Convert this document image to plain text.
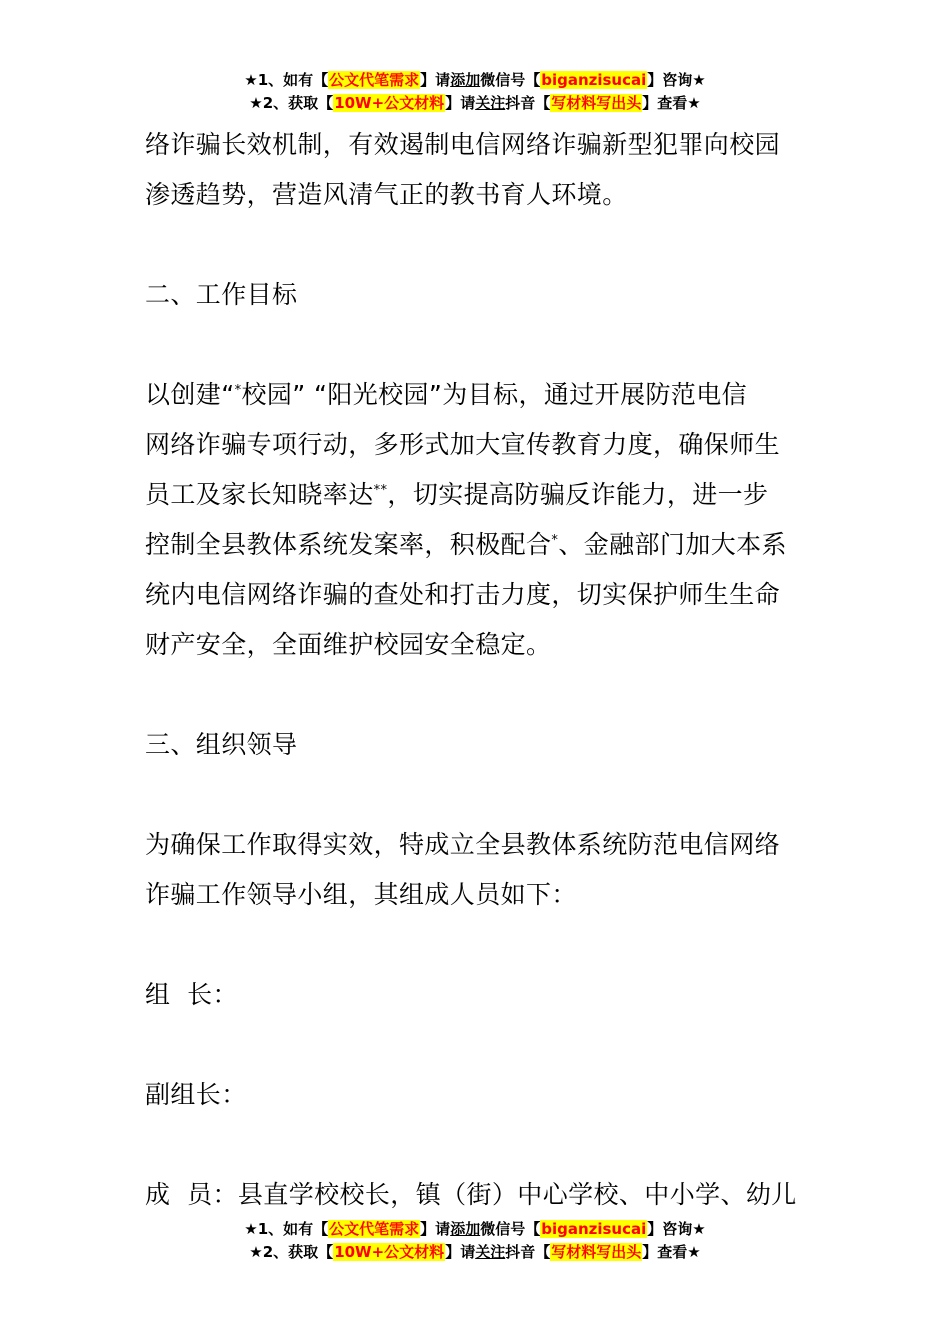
★1、如有【公文代笔需求】请添加微信号【biganzisucai】咨询★
★2、获取【10W+公文材料】请关注抖音【写材料写出头】查看★

络诈骗长效机制，有效遏制电信网络诈骗新型犯罪向校园

渗透趋势，营造风清气正的教书育人环境。

二、工作目标

以创建“*校园” “阳光校园”为目标，通过开展防范电信

网络诈骗专项行动，多形式加大宣传教育力度，确保师生

员工及家长知晓率达**，切实提高防骗反诈能力，进一步

控制全县教体系统发案率，积极配合*、金融部门加大本系

统内电信网络诈骗的查处和打击力度，切实保护师生生命

财产安全，全面维护校园安全稳定。

三、组织领导

为确保工作取得实效，特成立全县教体系统防范电信网络

诈骗工作领导小组，其组成人员如下：

组  长：

副组长：

成  员：县直学校校长，镇（街）中心学校、中小学、幼儿

★1、如有【公文代笔需求】请添加微信号【biganzisucai】咨询★
★2、获取【10W+公文材料】请关注抖音【写材料写出头】查看★
